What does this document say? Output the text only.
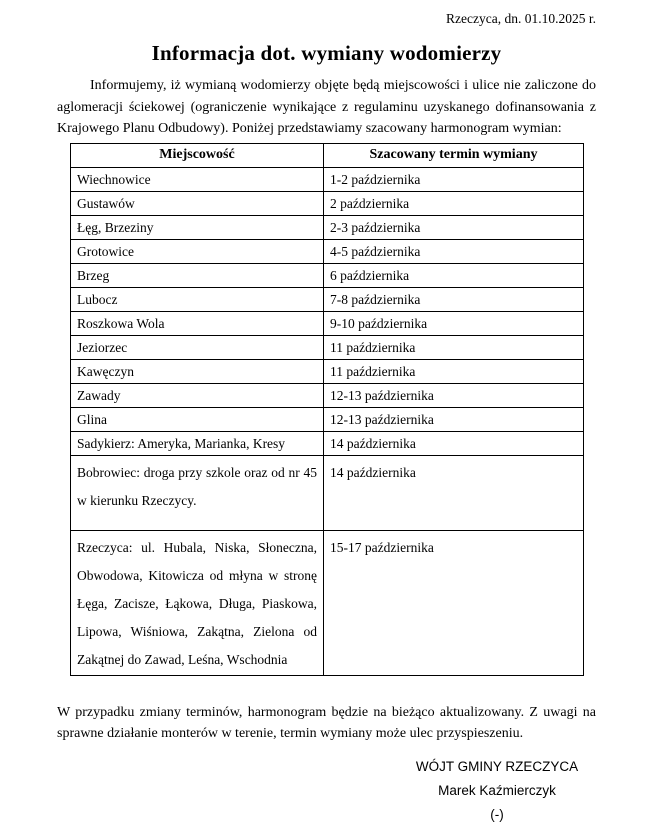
Rzeczyca, dn. 01.10.2025 r.
Informacja dot. wymiany wodomierzy

Informujemy, iż wymianą wodomierzy objęte będą miejscowości i ulice nie zaliczone do aglomeracji ściekowej (ograniczenie wynikające z regulaminu uzyskanego dofinansowania z Krajowego Planu Odbudowy). Poniżej przedstawiamy szacowany harmonogram wymian:

Miejscowość	Szacowany termin wymiany
Wiechnowice	1-2 października
Gustawów	2 października
Łęg, Brzeziny	2-3 października
Grotowice	4-5 października
Brzeg	6 października
Lubocz	7-8 października
Roszkowa Wola	9-10 października
Jeziorzec	11 października
Kawęczyn	11 października
Zawady	12-13 października
Glina	12-13 października
Sadykierz: Ameryka, Marianka, Kresy	14 października
Bobrowiec: droga przy szkole oraz od nr 45 w kierunku Rzeczycy.	14 października
Rzeczyca: ul. Hubala, Niska, Słoneczna, Obwodowa, Kitowicza od młyna w stronę Łęga, Zacisze, Łąkowa, Długa, Piaskowa, Lipowa, Wiśniowa, Zakątna, Zielona od Zakątnej do Zawad, Leśna, Wschodnia	15-17 października

W przypadku zmiany terminów, harmonogram będzie na bieżąco aktualizowany. Z uwagi na sprawne działanie monterów w terenie, termin wymiany może ulec przyspieszeniu.

WÓJT GMINY RZECZYCA
Marek Kaźmierczyk
(-)
